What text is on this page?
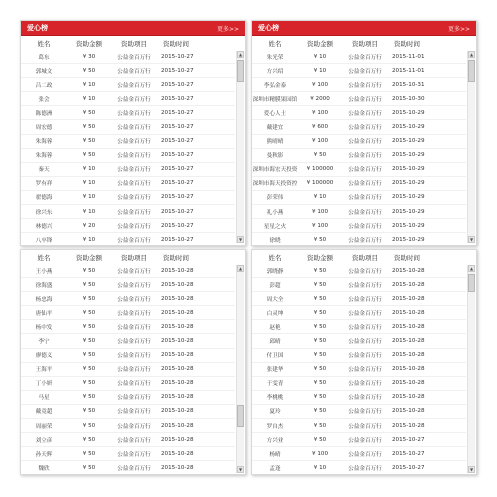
爱心榜	更多>>
姓名	资助金额	资助项目	资助时间
葛东	¥ 30	公益金百万行	2015-10-27
郭城文	¥ 50	公益金百万行	2015-10-27
吕二政	¥ 10	公益金百万行	2015-10-27
张会	¥ 10	公益金百万行	2015-10-27
陈德洲	¥ 50	公益金百万行	2015-10-27
周宏德	¥ 50	公益金百万行	2015-10-27
朱海蓉	¥ 50	公益金百万行	2015-10-27
朱海蓉	¥ 50	公益金百万行	2015-10-27
秦天	¥ 10	公益金百万行	2015-10-27
罗有祥	¥ 10	公益金百万行	2015-10-27
翟德海	¥ 10	公益金百万行	2015-10-27
徐兴东	¥ 10	公益金百万行	2015-10-27
林德兴	¥ 20	公益金百万行	2015-10-27
八卒锋	¥ 10	公益金百万行	2015-10-27
▲
▼
爱心榜	更多>>
姓名	资助金额	资助项目	资助时间
朱光荣	¥ 10	公益金百万行	2015-11-01
方兴绍	¥ 10	公益金百万行	2015-11-01
李弘金泰	¥ 100	公益金百万行	2015-10-31
深圳市精膜果园馆	¥ 2000	公益金百万行	2015-10-30
爱心人士	¥ 100	公益金百万行	2015-10-29
戴建宜	¥ 600	公益金百万行	2015-10-29
熊晴晴	¥ 100	公益金百万行	2015-10-29
曼秋影	¥ 50	公益金百万行	2015-10-29
深圳市海宏天投资	¥ 100000	公益金百万行	2015-10-29
深圳市海天投资控	¥ 100000	公益金百万行	2015-10-29
彭荣伟	¥ 10	公益金百万行	2015-10-29
礼小燕	¥ 100	公益金百万行	2015-10-29
星星之火	¥ 100	公益金百万行	2015-10-29
徐晓	¥ 50	公益金百万行	2015-10-29
▲
▼
姓名	资助金额	资助项目	资助时间
王小燕	¥ 50	公益金百万行	2015-10-28
徐海盛	¥ 50	公益金百万行	2015-10-28
杨忠海	¥ 50	公益金百万行	2015-10-28
唐仙平	¥ 50	公益金百万行	2015-10-28
杨中发	¥ 50	公益金百万行	2015-10-28
李宁	¥ 50	公益金百万行	2015-10-28
廖德义	¥ 50	公益金百万行	2015-10-28
王海平	¥ 50	公益金百万行	2015-10-28
丁小妍	¥ 50	公益金百万行	2015-10-28
马星	¥ 50	公益金百万行	2015-10-28
戴竟超	¥ 50	公益金百万行	2015-10-28
周丽荣	¥ 50	公益金百万行	2015-10-28
刘立彦	¥ 50	公益金百万行	2015-10-28
孙天辉	¥ 50	公益金百万行	2015-10-28
魏欣	¥ 50	公益金百万行	2015-10-28
▲
▼
姓名	资助金额	资助项目	资助时间
郭晓静	¥ 50	公益金百万行	2015-10-28
彭超	¥ 50	公益金百万行	2015-10-28
周大全	¥ 50	公益金百万行	2015-10-28
白灵坤	¥ 50	公益金百万行	2015-10-28
赵艳	¥ 50	公益金百万行	2015-10-28
邱晴	¥ 50	公益金百万行	2015-10-28
付卫国	¥ 50	公益金百万行	2015-10-28
张建华	¥ 50	公益金百万行	2015-10-28
于雯青	¥ 50	公益金百万行	2015-10-28
李桃桃	¥ 50	公益金百万行	2015-10-28
夏玲	¥ 50	公益金百万行	2015-10-28
罗自杰	¥ 50	公益金百万行	2015-10-28
方兴业	¥ 50	公益金百万行	2015-10-27
杨晴	¥ 100	公益金百万行	2015-10-27
孟逢	¥ 10	公益金百万行	2015-10-27
▲
▼
